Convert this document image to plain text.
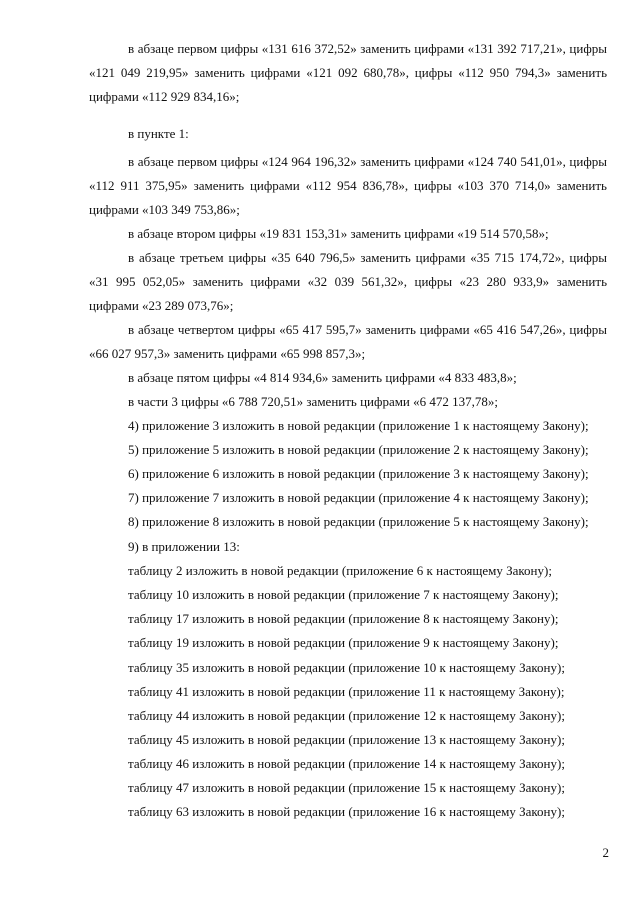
в абзаце первом цифры «131 616 372,52» заменить цифрами «131 392 717,21», цифры «121 049 219,95» заменить цифрами «121 092 680,78», цифры «112 950 794,3» заменить цифрами «112 929 834,16»;

в пункте 1:

в абзаце первом цифры «124 964 196,32» заменить цифрами «124 740 541,01», цифры «112 911 375,95» заменить цифрами «112 954 836,78», цифры «103 370 714,0» заменить цифрами «103 349 753,86»;

в абзаце втором цифры «19 831 153,31» заменить цифрами «19 514 570,58»;

в абзаце третьем цифры «35 640 796,5» заменить цифрами «35 715 174,72», цифры «31 995 052,05» заменить цифрами «32 039 561,32», цифры «23 280 933,9» заменить цифрами «23 289 073,76»;

в абзаце четвертом цифры «65 417 595,7» заменить цифрами «65 416 547,26», цифры «66 027 957,3» заменить цифрами «65 998 857,3»;

в абзаце пятом цифры «4 814 934,6» заменить цифрами «4 833 483,8»;

в части 3 цифры «6 788 720,51» заменить цифрами «6 472 137,78»;

4) приложение 3 изложить в новой редакции (приложение 1 к настоящему Закону);

5) приложение 5 изложить в новой редакции (приложение 2 к настоящему Закону);

6) приложение 6 изложить в новой редакции (приложение 3 к настоящему Закону);

7) приложение 7 изложить в новой редакции (приложение 4 к настоящему Закону);

8) приложение 8 изложить в новой редакции (приложение 5 к настоящему Закону);

9) в приложении 13:

таблицу 2 изложить в новой редакции (приложение 6 к настоящему Закону);

таблицу 10 изложить в новой редакции (приложение 7 к настоящему Закону);

таблицу 17 изложить в новой редакции (приложение 8 к настоящему Закону);

таблицу 19 изложить в новой редакции (приложение 9 к настоящему Закону);

таблицу 35 изложить в новой редакции (приложение 10 к настоящему Закону);

таблицу 41 изложить в новой редакции (приложение 11 к настоящему Закону);

таблицу 44 изложить в новой редакции (приложение 12 к настоящему Закону);

таблицу 45 изложить в новой редакции (приложение 13 к настоящему Закону);

таблицу 46 изложить в новой редакции (приложение 14 к настоящему Закону);

таблицу 47 изложить в новой редакции (приложение 15 к настоящему Закону);

таблицу 63 изложить в новой редакции (приложение 16 к настоящему Закону);

2
